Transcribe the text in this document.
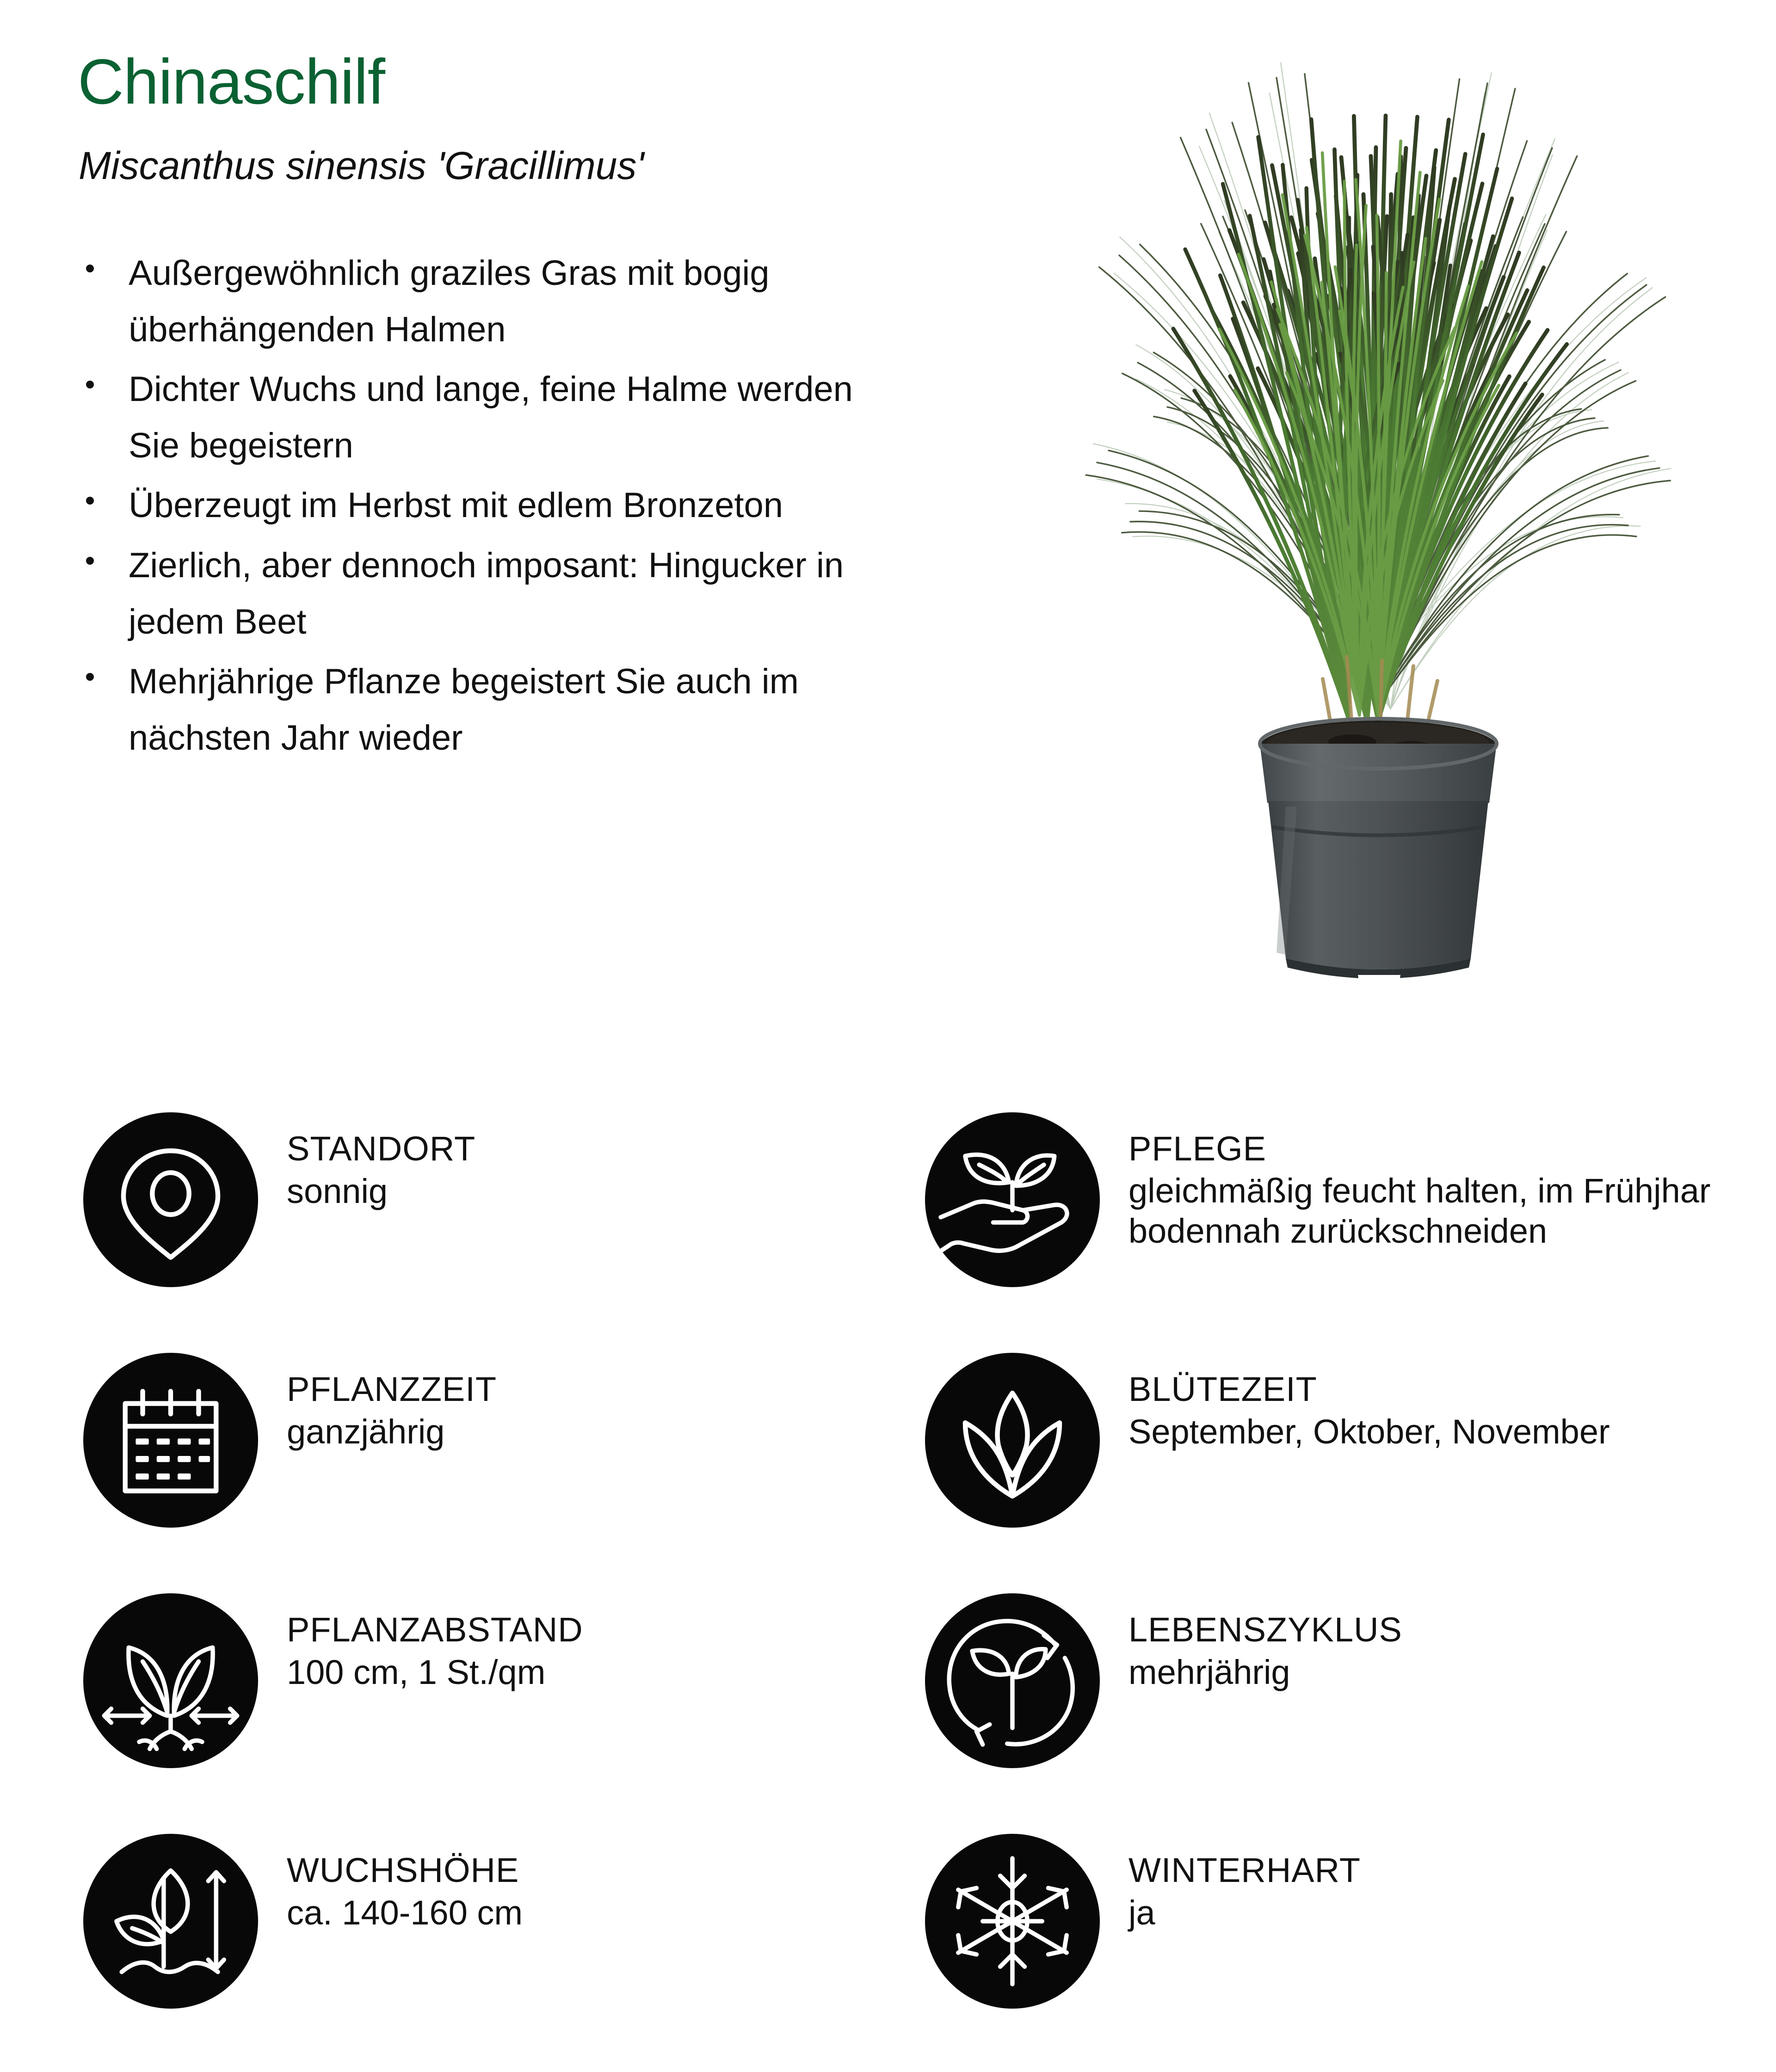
Chinaschilf
Miscanthus sinensis 'Gracillimus'
Außergewöhnlich graziles Gras mit bogig überhängenden Halmen
Dichter Wuchs und lange, feine Halme werden Sie begeistern
Überzeugt im Herbst mit edlem Bronzeton
Zierlich, aber dennoch imposant: Hingucker in jedem Beet
Mehrjährige Pflanze begeistert Sie auch im nächsten Jahr wieder
STANDORT
sonnig
PFLANZZEIT
ganzjährig
PFLANZABSTAND
100 cm, 1 St./qm
WUCHSHÖHE
ca. 140-160 cm
PFLEGE
gleichmäßig feucht halten, im Frühjhar bodennah zurückschneiden
BLÜTEZEIT
September, Oktober, November
LEBENSZYKLUS
mehrjährig
WINTERHART
ja
